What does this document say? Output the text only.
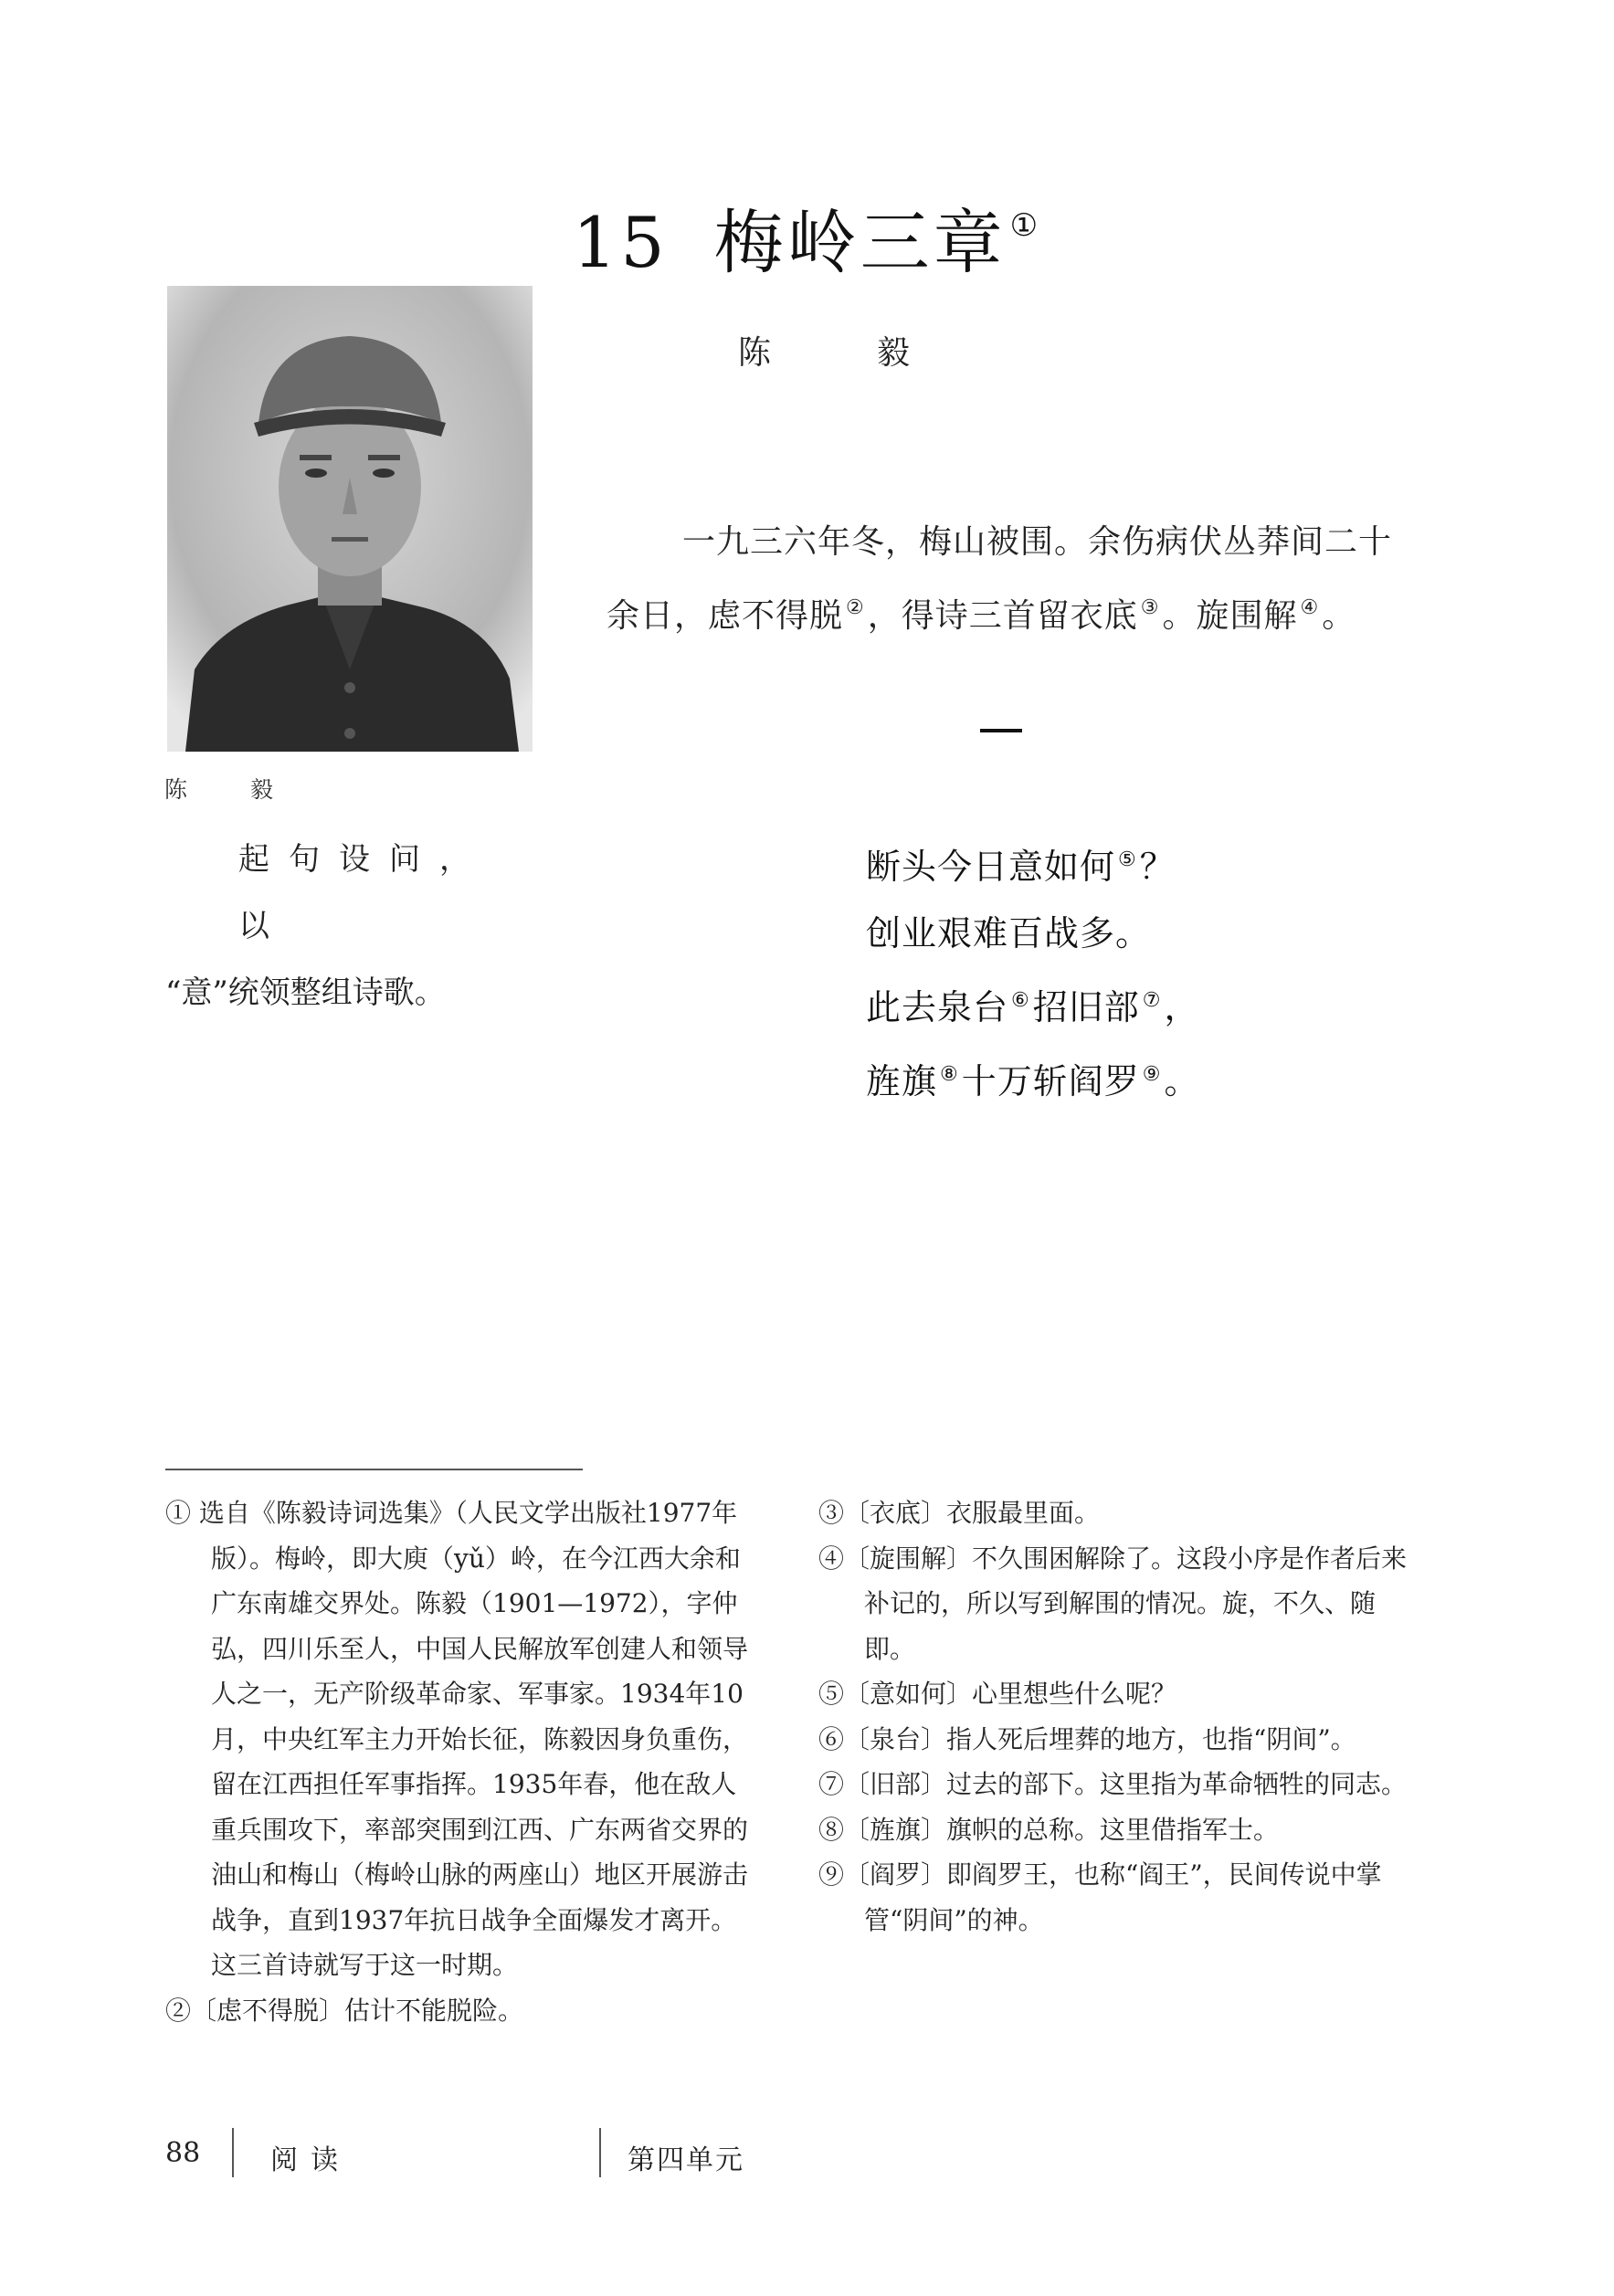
15 梅岭三章 ①
陈　毅
陈　毅
一九三六年冬，梅山被围。余伤病伏丛莽间二十余日，虑不得脱 ②，得诗三首留衣底 ③。旋围解 ④。
起句设问，以
“意”统领整组诗歌。
断头今日意如何 ⑤？
创业艰难百战多。
此去泉台 ⑥招旧部 ⑦，
旌旗 ⑧十万斩阎罗 ⑨。

① 选自《陈毅诗词选集》（人民文学出版社1977年版）。梅岭，即大庾（yǔ）岭，在今江西大余和广东南雄交界处。陈毅（1901—1972），字仲弘，四川乐至人，中国人民解放军创建人和领导人之一，无产阶级革命家、军事家。1934年10月，中央红军主力开始长征，陈毅因身负重伤，留在江西担任军事指挥。1935年春，他在敌人重兵围攻下，率部突围到江西、广东两省交界的油山和梅山（梅岭山脉的两座山）地区开展游击战争，直到1937年抗日战争全面爆发才离开。这三首诗就写于这一时期。

②〔虑不得脱〕估计不能脱险。

③〔衣底〕衣服最里面。

④〔旋围解〕不久围困解除了。这段小序是作者后来补记的，所以写到解围的情况。旋，不久、随即。

⑤〔意如何〕心里想些什么呢？

⑥〔泉台〕指人死后埋葬的地方，也指“阴间”。

⑦〔旧部〕过去的部下。这里指为革命牺牲的同志。

⑧〔旌旗〕旗帜的总称。这里借指军士。

⑨〔阎罗〕即阎罗王，也称“阎王”，民间传说中掌管“阴间”的神。

88	阅读	第四单元
